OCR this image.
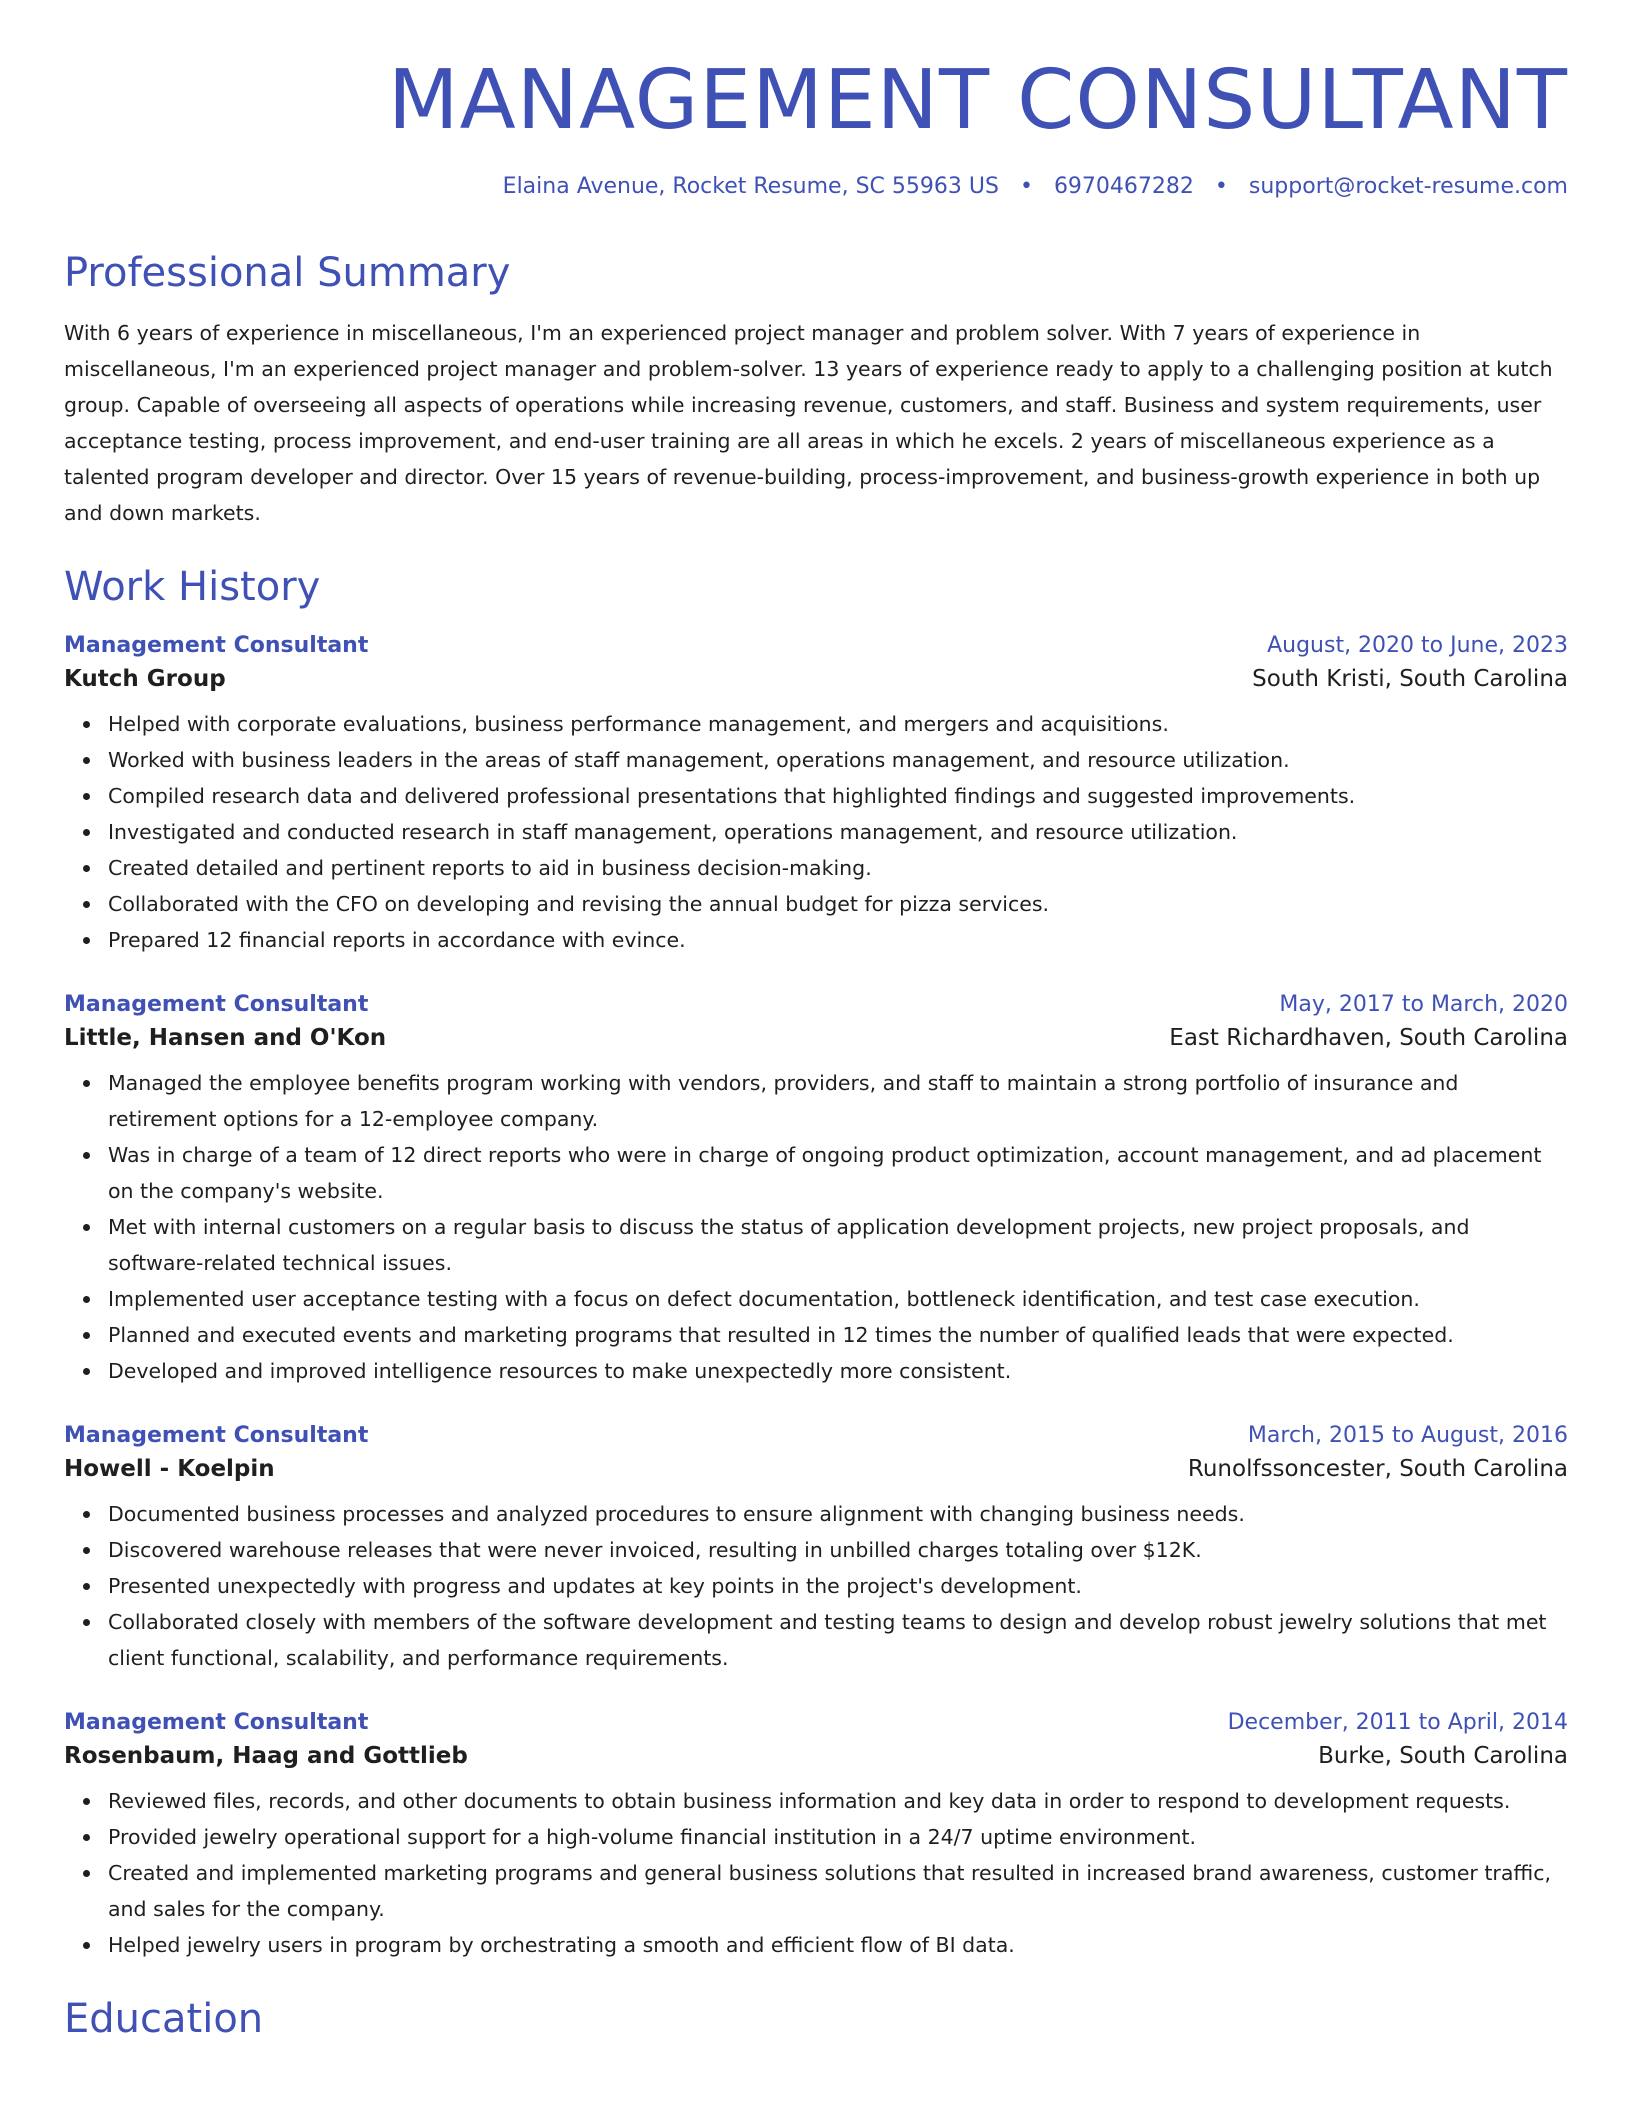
MANAGEMENT CONSULTANT
Elaina Avenue, Rocket Resume, SC 55963 US • 6970467282 • support@rocket-resume.com
Professional Summary

With 6 years of experience in miscellaneous, I'm an experienced project manager and problem solver. With 7 years of experience in miscellaneous, I'm an experienced project manager and problem-solver. 13 years of experience ready to apply to a challenging position at kutch group. Capable of overseeing all aspects of operations while increasing revenue, customers, and staff. Business and system requirements, user acceptance testing, process improvement, and end-user training are all areas in which he excels. 2 years of miscellaneous experience as a talented program developer and director. Over 15 years of revenue-building, process-improvement, and business-growth experience in both up and down markets.

Work History
Management Consultant	August, 2020 to June, 2023
Kutch Group	South Kristi, South Carolina
Helped with corporate evaluations, business performance management, and mergers and acquisitions.
Worked with business leaders in the areas of staff management, operations management, and resource utilization.
Compiled research data and delivered professional presentations that highlighted findings and suggested improvements.
Investigated and conducted research in staff management, operations management, and resource utilization.
Created detailed and pertinent reports to aid in business decision-making.
Collaborated with the CFO on developing and revising the annual budget for pizza services.
Prepared 12 financial reports in accordance with evince.
Management Consultant	May, 2017 to March, 2020
Little, Hansen and O'Kon	East Richardhaven, South Carolina
Managed the employee benefits program working with vendors, providers, and staff to maintain a strong portfolio of insurance and retirement options for a 12-employee company.
Was in charge of a team of 12 direct reports who were in charge of ongoing product optimization, account management, and ad placement on the company's website.
Met with internal customers on a regular basis to discuss the status of application development projects, new project proposals, and software-related technical issues.
Implemented user acceptance testing with a focus on defect documentation, bottleneck identification, and test case execution.
Planned and executed events and marketing programs that resulted in 12 times the number of qualified leads that were expected.
Developed and improved intelligence resources to make unexpectedly more consistent.
Management Consultant	March, 2015 to August, 2016
Howell - Koelpin	Runolfssoncester, South Carolina
Documented business processes and analyzed procedures to ensure alignment with changing business needs.
Discovered warehouse releases that were never invoiced, resulting in unbilled charges totaling over $12K.
Presented unexpectedly with progress and updates at key points in the project's development.
Collaborated closely with members of the software development and testing teams to design and develop robust jewelry solutions that met client functional, scalability, and performance requirements.
Management Consultant	December, 2011 to April, 2014
Rosenbaum, Haag and Gottlieb	Burke, South Carolina
Reviewed files, records, and other documents to obtain business information and key data in order to respond to development requests.
Provided jewelry operational support for a high-volume financial institution in a 24/7 uptime environment.
Created and implemented marketing programs and general business solutions that resulted in increased brand awareness, customer traffic, and sales for the company.
Helped jewelry users in program by orchestrating a smooth and efficient flow of BI data.
Education
